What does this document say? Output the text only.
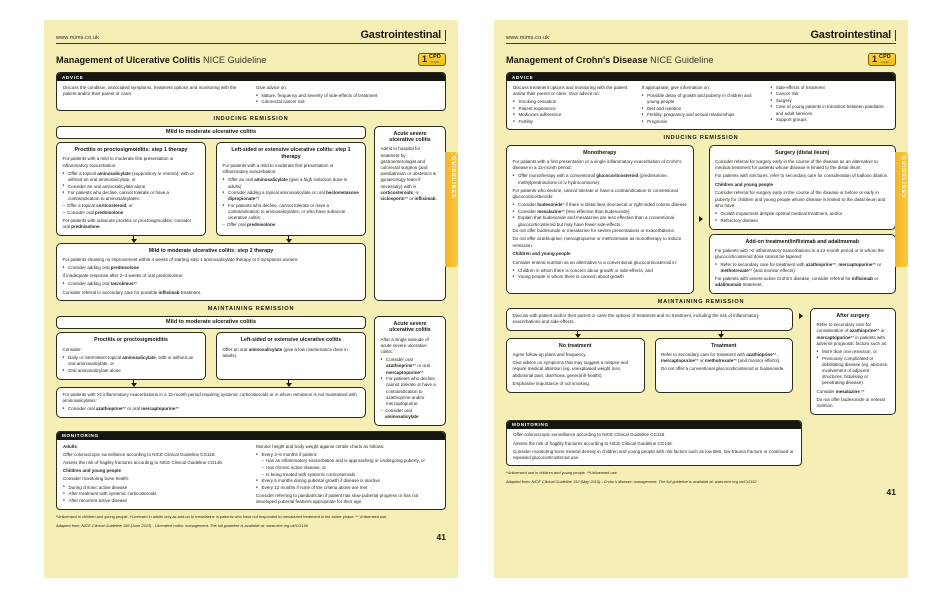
GUIDELINES
www.mims.co.uk	Gastrointestinal
Management of Ulcerative Colitis NICE Guideline	1 CPD
credit
ADVICE

Discuss the condition, associated symptoms, treatment options and monitoring with the patient and/or their parent or carer.

Give advice on:

● Nature, frequency and severity of side-effects of treatment
● Colorectal cancer risk
INDUCING REMISSION
Mild to moderate ulcerative colitis
Proctitis or proctosigmoiditis: step 1 therapy

For patients with a mild to moderate first presentation or inflammatory exacerbation:

● Offer a topical aminosalicylate (suppository or enema), with or without an oral aminosalicylate, or
● Consider an oral aminosalicylate alone
● For patients who decline, cannot tolerate or have a contraindication to aminosalicylates:
– Offer a topical corticosteroid, or
– Consider oral prednisolone

For patients with subacute proctitis or proctosigmoiditis, consider oral prednisolone.

Left-sided or extensive ulcerative colitis: step 1 therapy

For patients with a mild to moderate first presentation or inflammatory exacerbation:

● Offer an oral aminosalicylate (give a high induction dose in adults)
● Consider adding a topical aminosalicylate or oral beclometasone dipropionate*†
● For patients who decline, cannot tolerate or have a contraindication to aminosalicylates, or who have subacute ulcerative colitis:
– Offer oral prednisolone
Mild to moderate ulcerative colitis: step 2 therapy

For patients showing no improvement within 4 weeks of starting step 1 aminosalicylate therapy or if symptoms worsen:

● Consider adding oral prednisolone

If inadequate response after 2–4 weeks of oral prednisolone:

● Consider adding oral tacrolimus**

Consider referral to secondary care for possible infliximab treatment.

Acute severe ulcerative colitis

Admit to hospital for treatment by gastroenterologist and colorectal surgeon (and paediatrician or obstetrics & gynaecology team if necessary) with iv corticosteroids, iv ciclosporin** or infliximab.

MAINTAINING REMISSION
Mild to moderate ulcerative colitis
Proctitis or proctosigmoiditis

Consider:

● Daily or intermittent topical aminosalicylate, with or without an oral aminosalicylate, or
● Oral aminosalicylate alone
Left-sided or extensive ulcerative colitis

Offer an oral aminosalicylate (give a low maintenance dose in adults).

For patients with >2 inflammatory exacerbations in a 12-month period requiring systemic corticosteroids or in whom remission is not maintained with aminosalicylates:

● Consider oral azathioprine** or oral mercaptopurine**
Acute severe ulcerative colitis

After a single episode of acute severe ulcerative colitis:

● Consider oral azathioprine** or oral mercaptopurine**
● For patients who decline, cannot tolerate or have a contraindication to azathioprine and/or mercaptopurine:
– Consider oral aminosalicylate
MONITORING

Adults

Offer colonoscopic surveillance according to NICE Clinical Guideline CG118.

Assess the risk of fragility fractures according to NICE Clinical Guideline CG146.

Children and young people

Consider monitoring bone health:

● During chronic active disease
● After treatment with systemic corticosteroids
● After recurrent active disease

Monitor height and body weight against centile charts as follows:

● Every 3–6 months if patient:
– Has an inflammatory exacerbation and is approaching or undergoing puberty, or
– Has chronic active disease, or
– Is being treated with systemic corticosteroids
● Every 6 months during pubertal growth if disease is inactive
● Every 12 months if none of the criteria above are met

Consider referring to paediatrician if patient has slow pubertal progress or has not developed pubertal features appropriate for their age.

*Unlicensed in children and young people. †Licensed in adults only as add-on to mesalazine in patients who have not responded to mesalazine treatment in the active phase. ** Unlicensed use.
Adapted from: NICE Clinical Guideline 166 (June 2013) - Ulcerative colitis: management. The full guideline is available at: www.nice.org.uk/CG166
41
GUIDELINES
www.mims.co.uk	Gastrointestinal
Management of Crohn's Disease NICE Guideline	1 CPD
credit
ADVICE

Discuss treatment options and monitoring with the patient and/or their parent or carer. Give advice on:

● Smoking cessation
● Patient experience
● Medicines adherence
● Fertility

If appropriate, give information on:

● Possible delay of growth and puberty in children and young people
● Diet and nutrition
● Fertility, pregnancy and sexual relationships
● Prognosis
● Side-effects of treatment
● Cancer risk
● Surgery
● Care of young patients in transition between paediatric and adult services
● Support groups
INDUCING REMISSION
Monotherapy

For patients with a first presentation or a single inflammatory exacerbation of Crohn's disease in a 12-month period:

● Offer monotherapy with a conventional glucocorticosteroid (prednisolone, methylprednisolone or iv hydrocortisone)

For patients who decline, cannot tolerate or have a contraindication to conventional glucocorticosteroids:

● Consider budesonide* if there is distal ileal, ileocaecal or right-sided colonic disease
● Consider mesalazine** (less effective than budesonide)
● Explain that budesonide and mesalazine are less effective than a conventional glucocorticosteroid but may have fewer side-effects

Do not offer budesonide or mesalazine for severe presentations or exacerbations.

Do not offer azathioprine, mercaptopurine or methotrexate as monotherapy to induce remission.

Children and young people

Consider enteral nutrition as an alternative to a conventional glucocorticosteroid in:

● Children in whom there is concern about growth or side-effects, and
● Young people in whom there is concern about growth
Surgery (distal ileum)

Consider referral for surgery early in the course of the disease as an alternative to medical treatment for patients whose disease is limited to the distal ileum.

For patients with strictures, refer to secondary care for consideration of balloon dilation.

Children and young people

Consider referral for surgery early in the course of the disease or before or early in puberty for children and young people whose disease is limited to the distal ileum and who have:

● Growth impairment despite optimal medical treatment, and/or
● Refractory disease
Add-on treatment/infliximab and adalimumab

For patients with >2 inflammatory exacerbations in a 12-month period or in whom the glucocorticosteroid dose cannot be tapered:

● Refer to secondary care for treatment with azathioprine**, mercaptopurine** or methotrexate** (and monitor effects)

For patients with severe active Crohn's disease, consider referral for infliximab or adalimumab treatment.

MAINTAINING REMISSION

Discuss with patient and/or their parent or carer the options of treatment and no treatment, including the risk of inflammatory exacerbations and side-effects.

No treatment

Agree follow-up plans and frequency.

Give advice on symptoms that may suggest a relapse and require medical attention (eg. unexplained weight loss, abdominal pain, diarrhoea, general ill-health).

Emphasise importance of not smoking.

Treatment

Refer to secondary care for treatment with azathioprine**, mercaptopurine** or methotrexate** (and monitor effects).

Do not offer a conventional glucocorticosteroid or budesonide.

After surgery

Refer to secondary care for consideration of azathioprine** or mercaptopurine** in patients with adverse prognostic factors such as:

● More than one resection, or
● Previously complicated or debilitating disease (eg. abscess, involvement of adjacent structures, fistulising or penetrating disease)

Consider mesalazine.**

Do not offer budesonide or enteral nutrition.

MONITORING

Offer colonoscopic surveillance according to NICE Clinical Guideline CG118.

Assess the risk of fragility fractures according to NICE Clinical Guideline CG146.

Consider monitoring bone mineral density in children and young people with risk factors such as low BMI, low-trauma fracture or continued or repeated glucocorticosteroid use.

*Unlicensed use in children and young people. **Unlicensed use.
Adapted from: NICE Clinical Guideline 152 (May 2016) - Crohn's disease: management. The full guideline is available at: www.nice.org.uk/CG152
41
